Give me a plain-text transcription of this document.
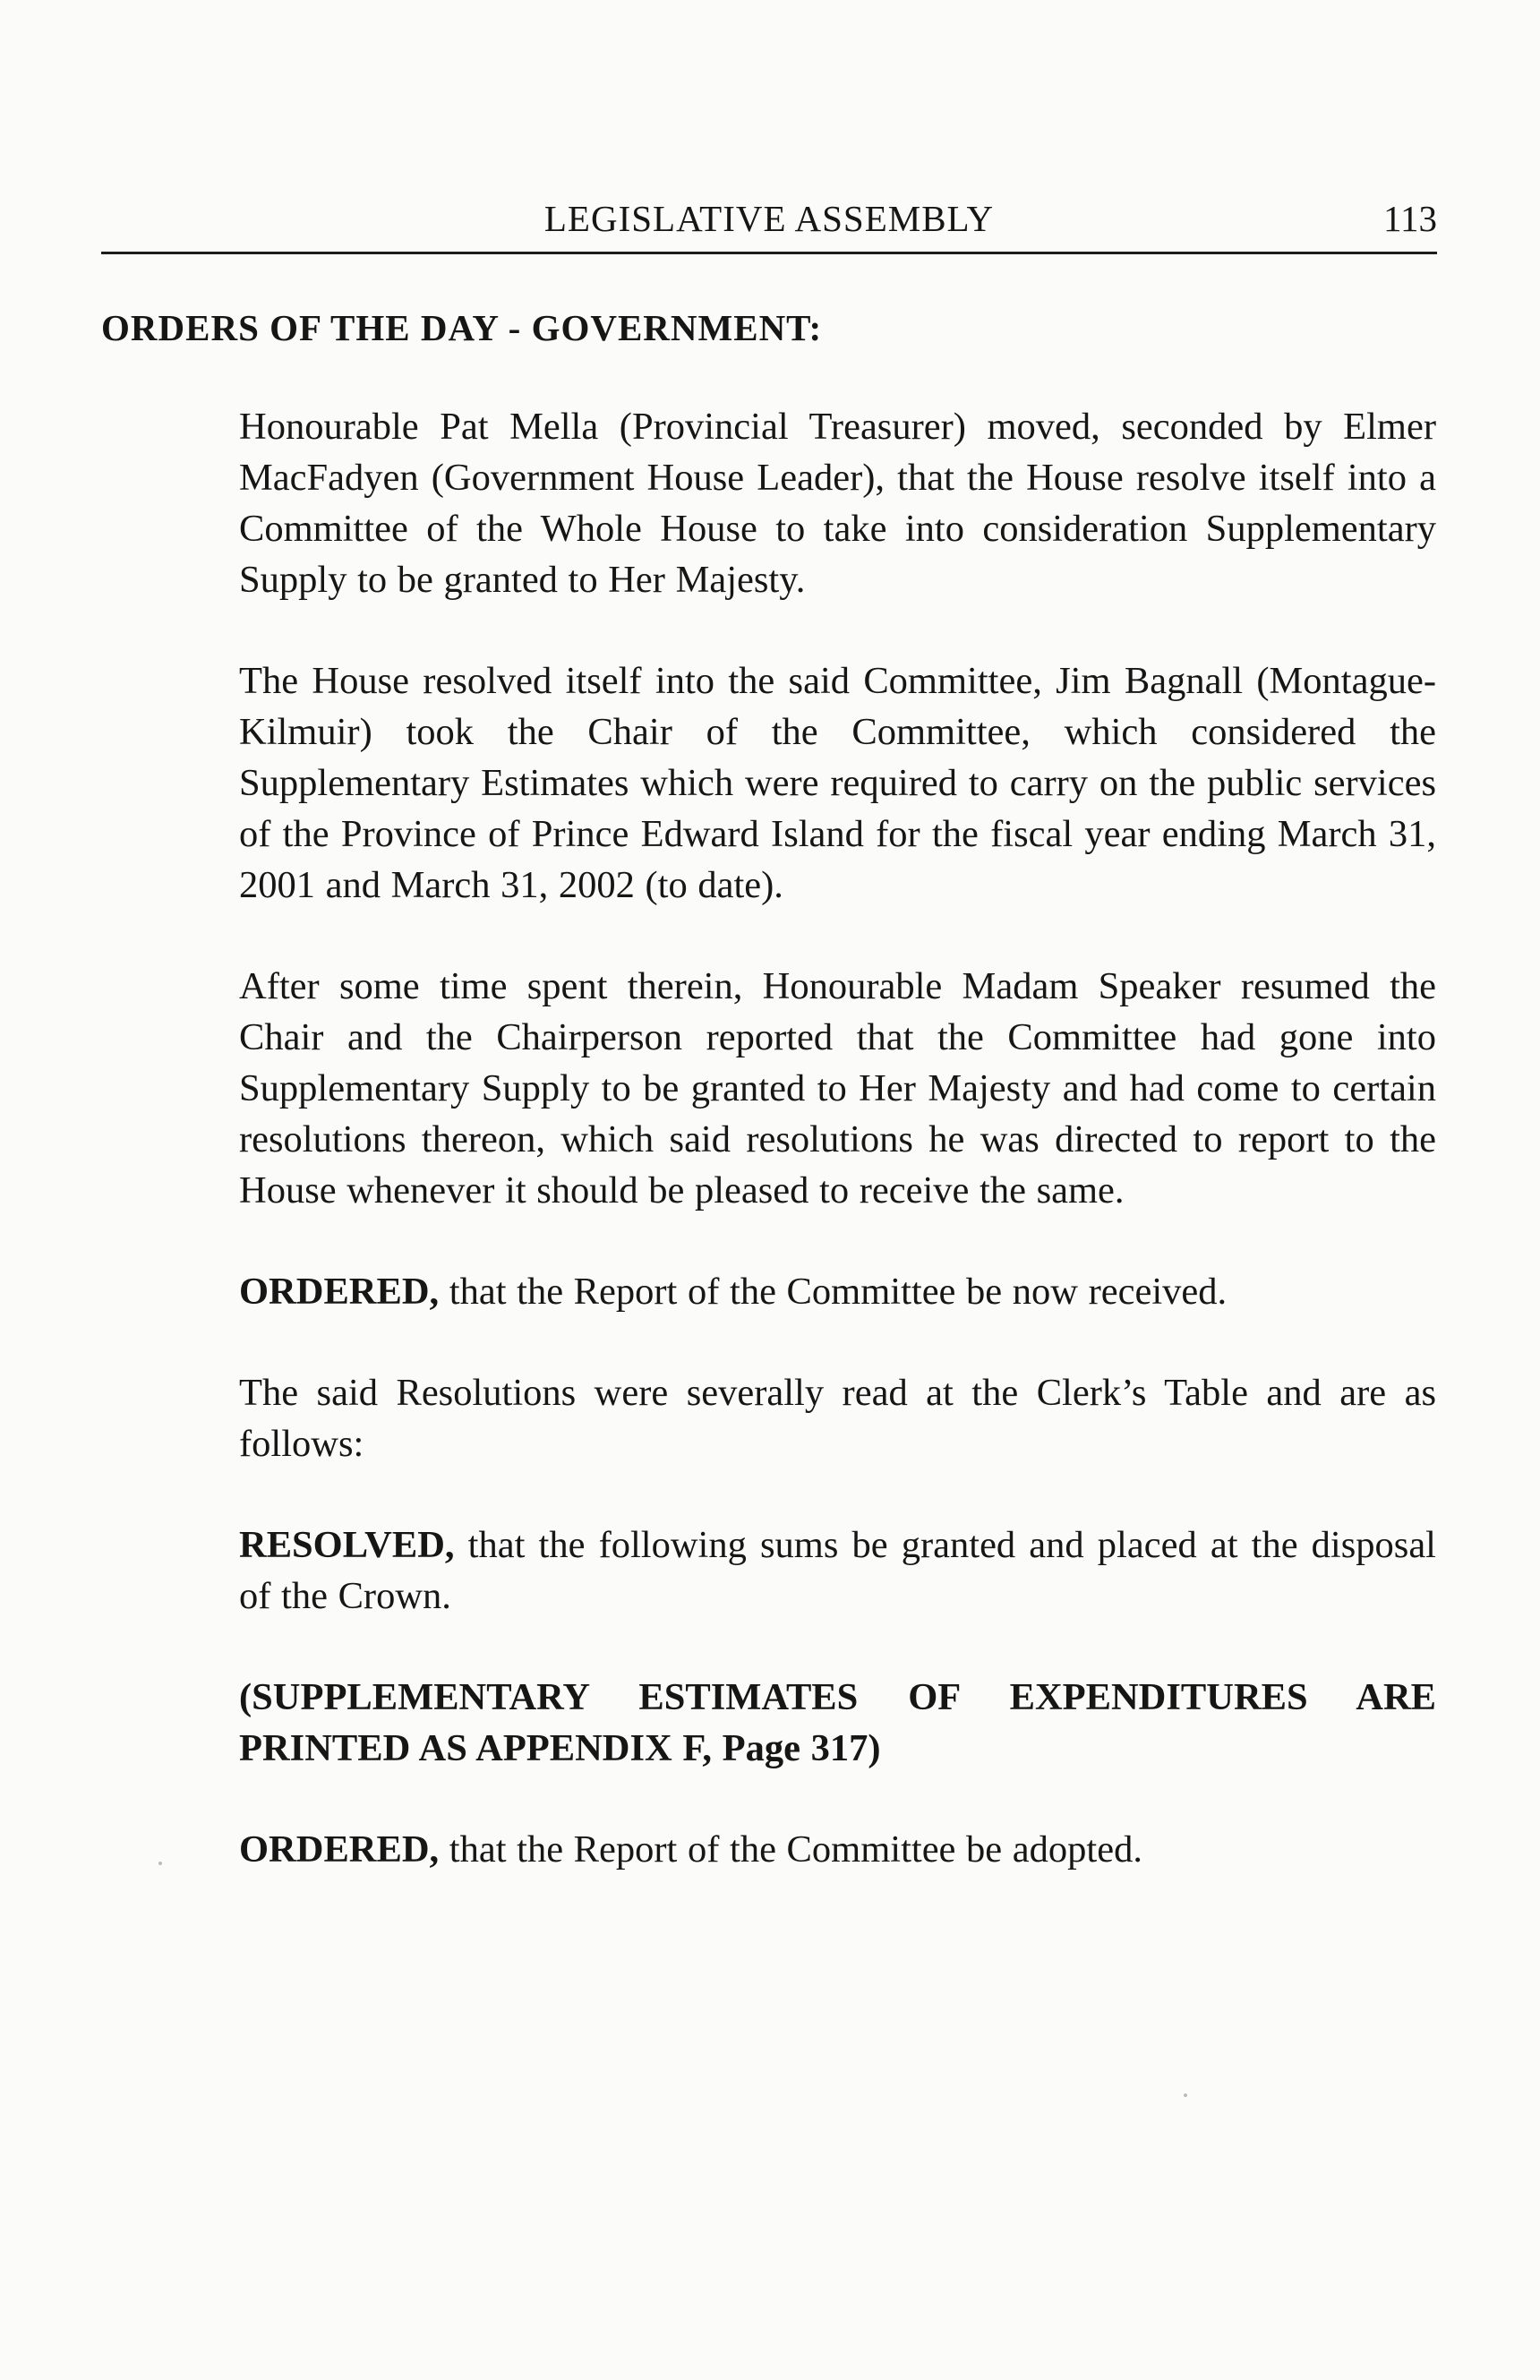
LEGISLATIVE ASSEMBLY	113
ORDERS OF THE DAY - GOVERNMENT:

Honourable Pat Mella (Provincial Treasurer) moved, seconded by Elmer MacFadyen (Government House Leader), that the House resolve itself into a Committee of the Whole House to take into consideration Supplementary Supply to be granted to Her Majesty.

The House resolved itself into the said Committee, Jim Bagnall (Montague-Kilmuir) took the Chair of the Committee, which considered the Supplementary Estimates which were required to carry on the public services of the Province of Prince Edward Island for the fiscal year ending March 31, 2001 and March 31, 2002 (to date).

After some time spent therein, Honourable Madam Speaker resumed the Chair and the Chairperson reported that the Committee had gone into Supplementary Supply to be granted to Her Majesty and had come to certain resolutions thereon, which said resolutions he was directed to report to the House whenever it should be pleased to receive the same.

ORDERED, that the Report of the Committee be now received.

The said Resolutions were severally read at the Clerk’s Table and are as follows:

RESOLVED, that the following sums be granted and placed at the disposal of the Crown.

(SUPPLEMENTARY ESTIMATES OF EXPENDITURES ARE PRINTED AS APPENDIX F, Page 317)

ORDERED, that the Report of the Committee be adopted.
